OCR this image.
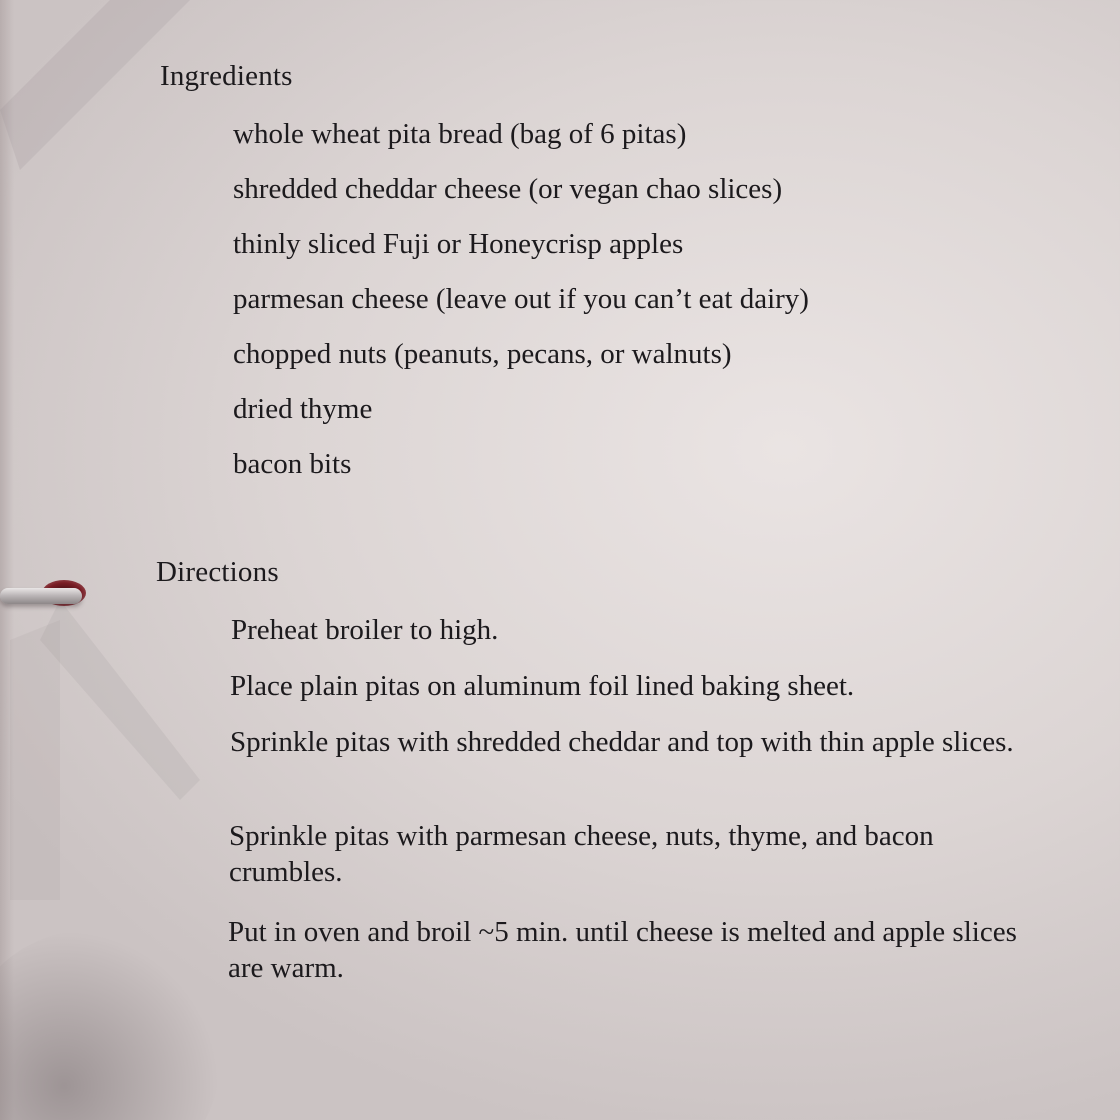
Ingredients
whole wheat pita bread (bag of 6 pitas)
shredded cheddar cheese (or vegan chao slices)
thinly sliced Fuji or Honeycrisp apples
parmesan cheese (leave out if you can’t eat dairy)
chopped nuts (peanuts, pecans, or walnuts)
dried thyme
bacon bits
Directions
Preheat broiler to high.
Place plain pitas on aluminum foil lined baking sheet.
Sprinkle pitas with shredded cheddar and top with thin apple slices.
Sprinkle pitas with parmesan cheese, nuts, thyme, and bacon crumbles.
Put in oven and broil ~5 min. until cheese is melted and apple slices are warm.
